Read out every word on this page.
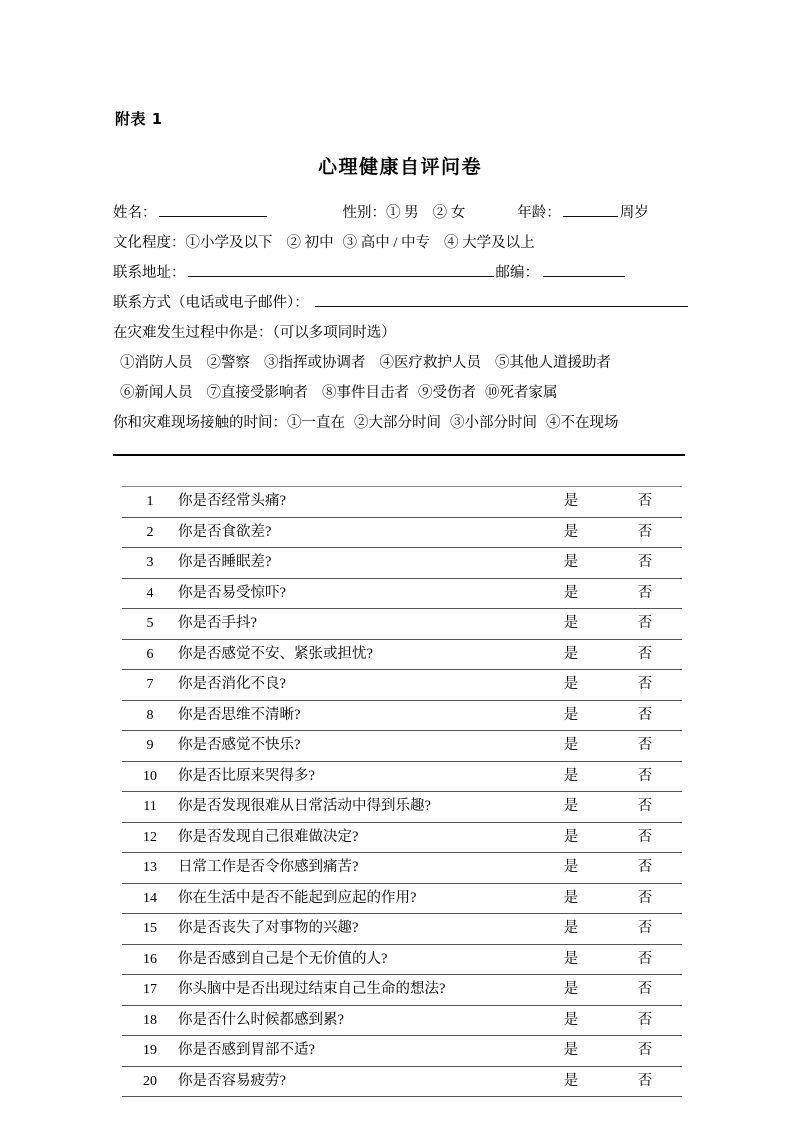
附表 1
心理健康自评问卷
姓名：	性别： ① 男 ② 女	年龄：	周岁
文化程度： ①小学及以下 ② 初中 ③ 高中 / 中专 ④ 大学及以上
联系地址：	邮编：
联系方式（电话或电子邮件）：
在灾难发生过程中你是：（可以多项同时选）
①消防人员 ②警察 ③指挥或协调者 ④医疗救护人员 ⑤其他人道援助者
⑥新闻人员 ⑦直接受影响者 ⑧事件目击者 ⑨受伤者 ⑩死者家属
你和灾难现场接触的时间： ①一直在 ②大部分时间 ③小部分时间 ④不在现场
1	你是否经常头痛?	是	否
2	你是否食欲差?	是	否
3	你是否睡眠差?	是	否
4	你是否易受惊吓?	是	否
5	你是否手抖?	是	否
6	你是否感觉不安、紧张或担忧?	是	否
7	你是否消化不良?	是	否
8	你是否思维不清晰?	是	否
9	你是否感觉不快乐?	是	否
10	你是否比原来哭得多?	是	否
11	你是否发现很难从日常活动中得到乐趣?	是	否
12	你是否发现自己很难做决定?	是	否
13	日常工作是否令你感到痛苦?	是	否
14	你在生活中是否不能起到应起的作用?	是	否
15	你是否丧失了对事物的兴趣?	是	否
16	你是否感到自己是个无价值的人?	是	否
17	你头脑中是否出现过结束自己生命的想法?	是	否
18	你是否什么时候都感到累?	是	否
19	你是否感到胃部不适?	是	否
20	你是否容易疲劳?	是	否
